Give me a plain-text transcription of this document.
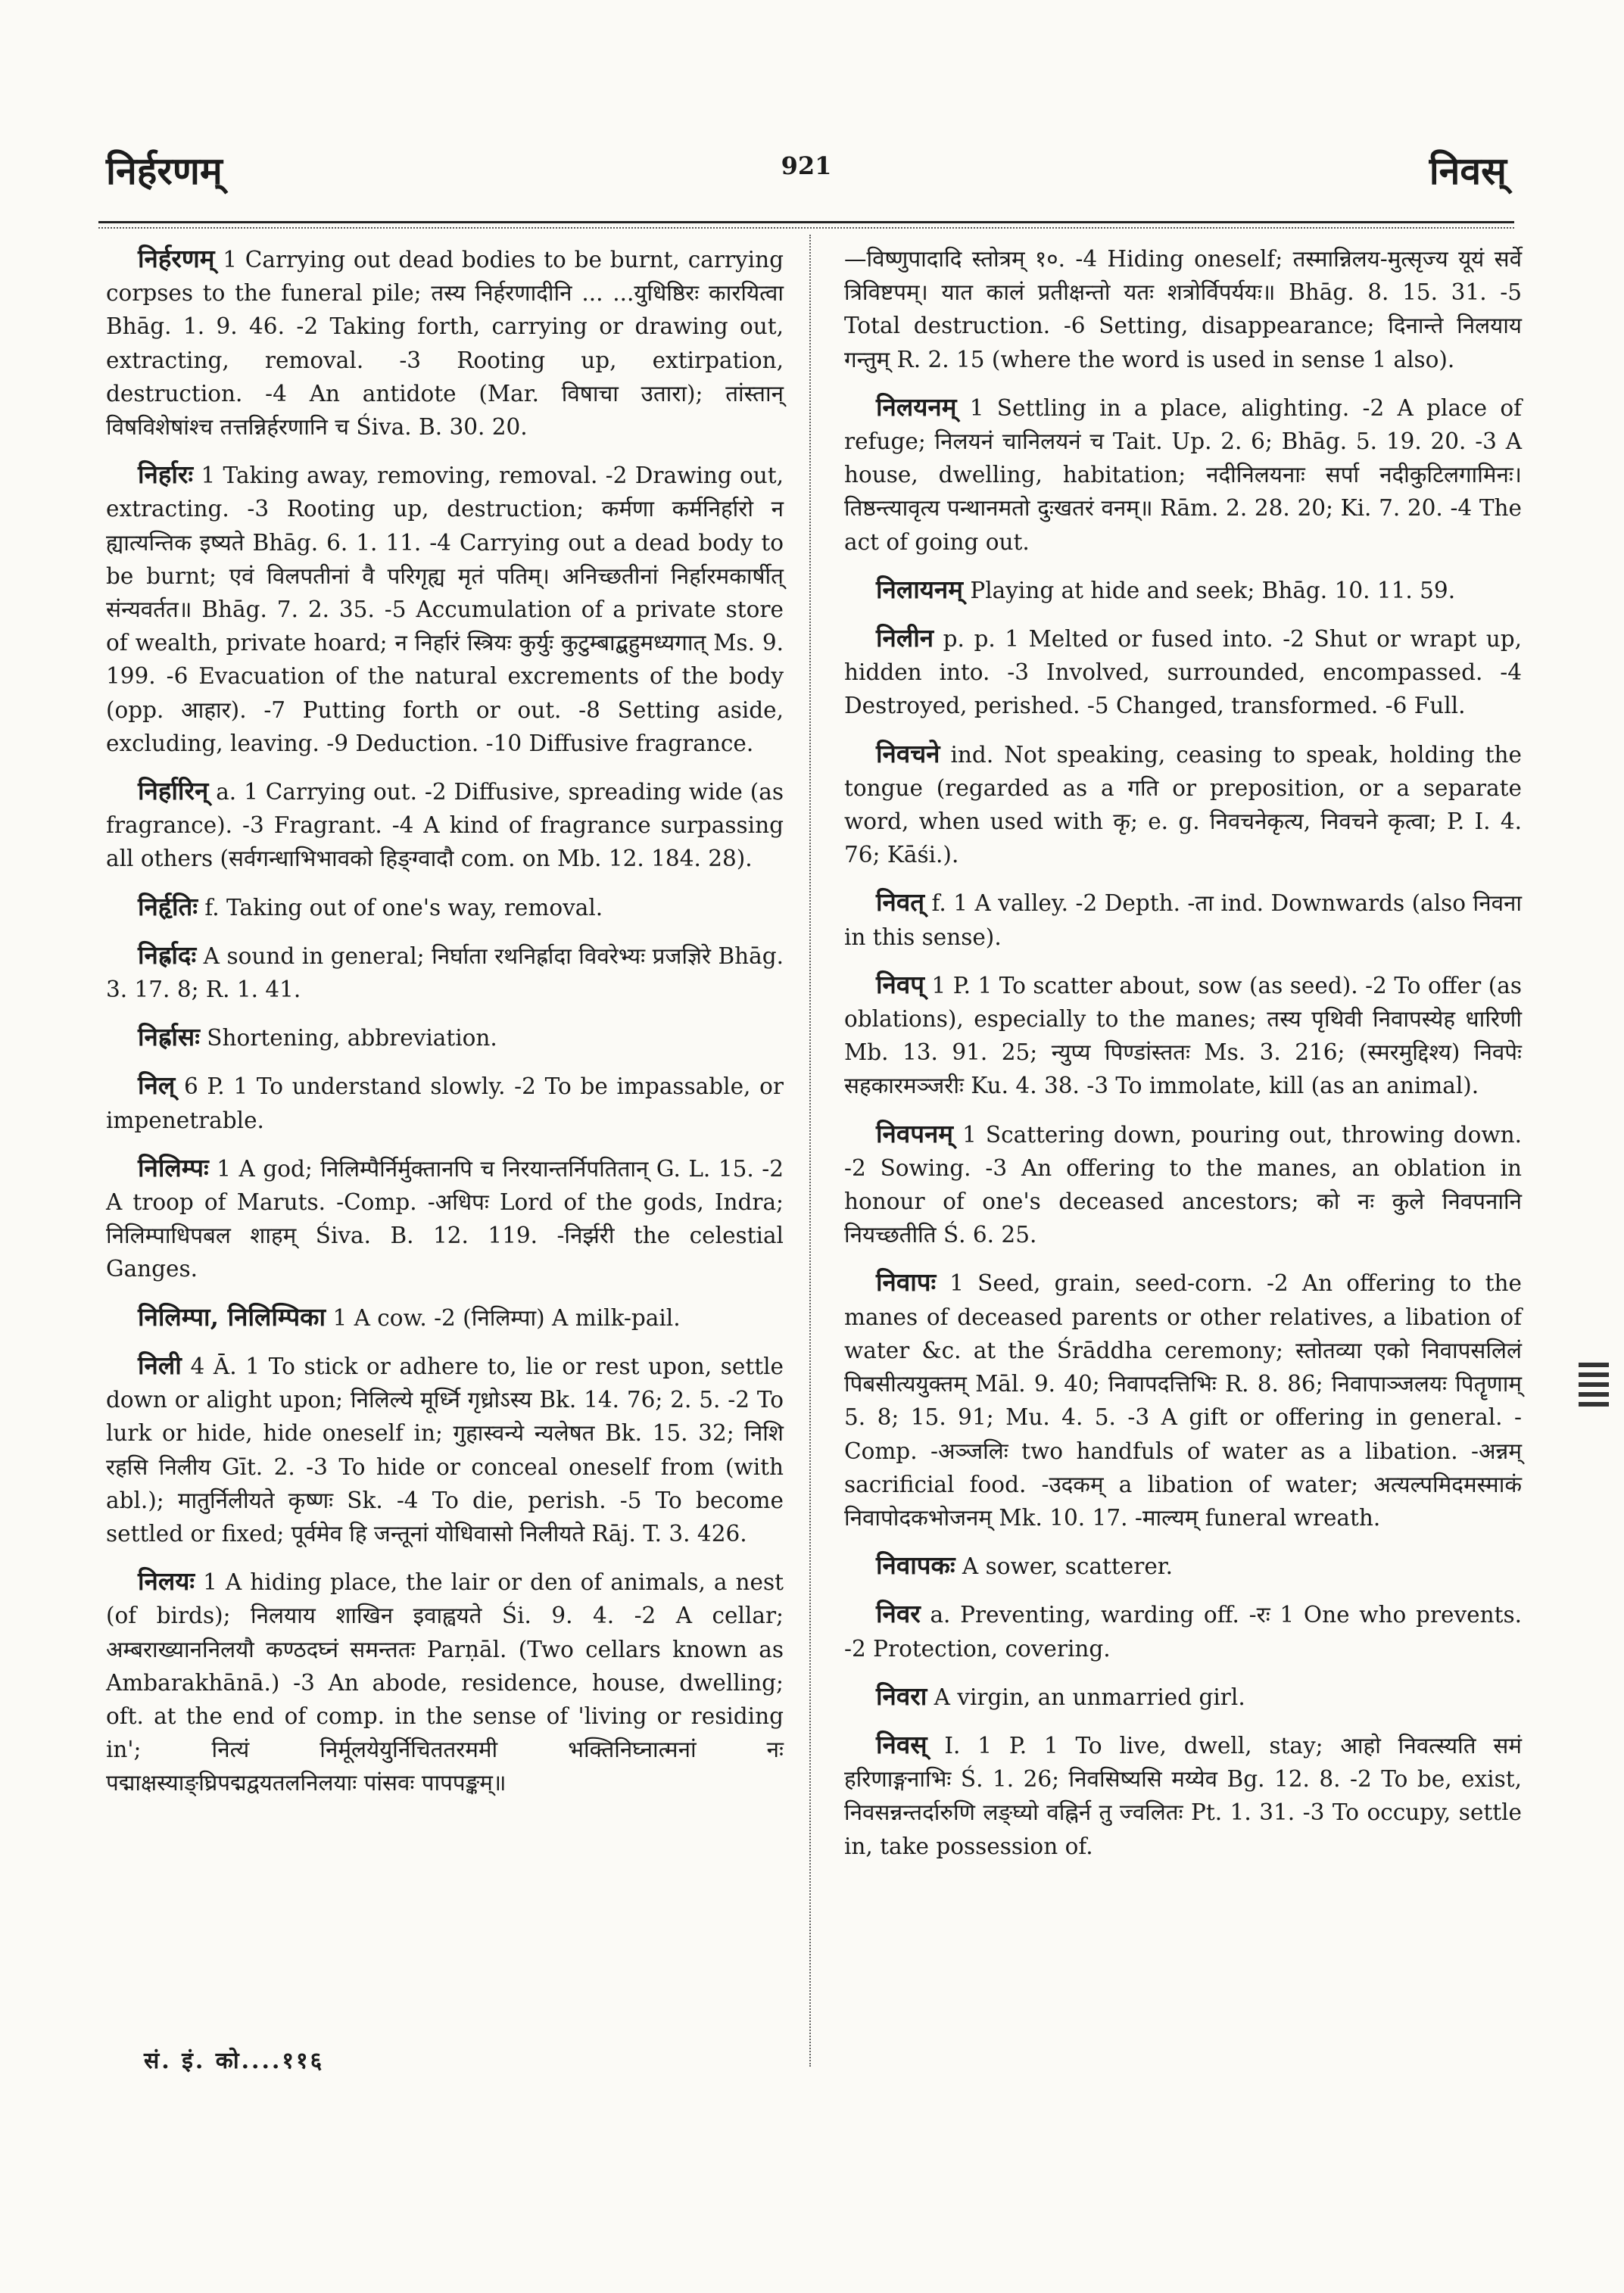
निर्हरणम्	921	निवस्

निर्हरणम् 1 Carrying out dead bodies to be burnt, carrying corpses to the funeral pile; तस्य निर्हरणादीनि ... ...युधिष्ठिरः कारयित्वा Bhāg. 1. 9. 46. -2 Taking forth, carrying or drawing out, extracting, removal. -3 Rooting up, extirpation, destruction. -4 An antidote (Mar. विषाचा उतारा); तांस्तान् विषविशेषांश्च तत्तन्निर्हरणानि च Śiva. B. 30. 20.

निर्हारः 1 Taking away, removing, removal. -2 Drawing out, extracting. -3 Rooting up, destruction; कर्मणा कर्मनिर्हारो न ह्यात्यन्तिक इष्यते Bhāg. 6. 1. 11. -4 Carrying out a dead body to be burnt; एवं विलपतीनां वै परिगृह्य मृतं पतिम्। अनिच्छतीनां निर्हारमकार्षीत् संन्यवर्तत॥ Bhāg. 7. 2. 35. -5 Accumulation of a private store of wealth, private hoard; न निर्हारं स्त्रियः कुर्युः कुटुम्बाद्बहुमध्यगात् Ms. 9. 199. -6 Evacuation of the natural excrements of the body (opp. आहार). -7 Putting forth or out. -8 Setting aside, excluding, leaving. -9 Deduction. -10 Diffusive fragrance.

निर्हारिन् a. 1 Carrying out. -2 Diffusive, spreading wide (as fragrance). -3 Fragrant. -4 A kind of fragrance surpassing all others (सर्वगन्धाभिभावको हिङ्ग्वादौ com. on Mb. 12. 184. 28).

निर्हृतिः f. Taking out of one's way, removal.

निर्ह्रादः A sound in general; निर्घाता रथनिर्ह्रादा विवरेभ्यः प्रजज्ञिरे Bhāg. 3. 17. 8; R. 1. 41.

निर्ह्रासः Shortening, abbreviation.

निल् 6 P. 1 To understand slowly. -2 To be impassable, or impenetrable.

निलिम्पः 1 A god; निलिम्पैर्निर्मुक्तानपि च निरयान्तर्निपतितान् G. L. 15. -2 A troop of Maruts. -Comp. -अधिपः Lord of the gods, Indra; निलिम्पाधिपबल शाहम् Śiva. B. 12. 119. -निर्झरी the celestial Ganges.

निलिम्पा, निलिम्पिका 1 A cow. -2 (निलिम्पा) A milk-pail.

निली 4 Ā. 1 To stick or adhere to, lie or rest upon, settle down or alight upon; निलिल्ये मूर्ध्नि गृध्रोऽस्य Bk. 14. 76; 2. 5. -2 To lurk or hide, hide oneself in; गुहास्वन्ये न्यलेषत Bk. 15. 32; निशि रहसि निलीय Gīt. 2. -3 To hide or conceal oneself from (with abl.); मातुर्निलीयते कृष्णः Sk. -4 To die, perish. -5 To become settled or fixed; पूर्वमेव हि जन्तूनां योधिवासो निलीयते Rāj. T. 3. 426.

निलयः 1 A hiding place, the lair or den of animals, a nest (of birds); निलयाय शाखिन इवाह्वयते Śi. 9. 4. -2 A cellar; अम्बराख्याननिलयौ कण्ठदघ्नं समन्ततः Parṇāl. (Two cellars known as Ambarakhānā.) -3 An abode, residence, house, dwelling; oft. at the end of comp. in the sense of 'living or residing in'; नित्यं निर्मूलयेयुर्निचिततरममी भक्तिनिघ्नात्मनां नः पद्माक्षस्याङ्घ्रिपद्मद्वयतलनिलयाः पांसवः पापपङ्कम्॥

—विष्णुपादादि स्तोत्रम् १०. -4 Hiding oneself; तस्मान्निलय-मुत्सृज्य यूयं सर्वे त्रिविष्टपम्। यात कालं प्रतीक्षन्तो यतः शत्रोर्विपर्ययः॥ Bhāg. 8. 15. 31. -5 Total destruction. -6 Setting, disappearance; दिनान्ते निलयाय गन्तुम् R. 2. 15 (where the word is used in sense 1 also).

निलयनम् 1 Settling in a place, alighting. -2 A place of refuge; निलयनं चानिलयनं च Tait. Up. 2. 6; Bhāg. 5. 19. 20. -3 A house, dwelling, habitation; नदीनिलयनाः सर्पा नदीकुटिलगामिनः। तिष्ठन्त्यावृत्य पन्थानमतो दुःखतरं वनम्॥ Rām. 2. 28. 20; Ki. 7. 20. -4 The act of going out.

निलायनम् Playing at hide and seek; Bhāg. 10. 11. 59.

निलीन p. p. 1 Melted or fused into. -2 Shut or wrapt up, hidden into. -3 Involved, surrounded, encompassed. -4 Destroyed, perished. -5 Changed, transformed. -6 Full.

निवचने ind. Not speaking, ceasing to speak, holding the tongue (regarded as a गति or preposition, or a separate word, when used with कृ; e. g. निवचनेकृत्य, निवचने कृत्वा; P. I. 4. 76; Kāśi.).

निवत् f. 1 A valley. -2 Depth. -ता ind. Downwards (also निवना in this sense).

निवप् 1 P. 1 To scatter about, sow (as seed). -2 To offer (as oblations), especially to the manes; तस्य पृथिवी निवापस्येह धारिणी Mb. 13. 91. 25; न्युप्य पिण्डांस्ततः Ms. 3. 216; (स्मरमुद्दिश्य) निवपेः सहकारमञ्जरीः Ku. 4. 38. -3 To immolate, kill (as an animal).

निवपनम् 1 Scattering down, pouring out, throwing down. -2 Sowing. -3 An offering to the manes, an oblation in honour of one's deceased ancestors; को नः कुले निवपनानि नियच्छतीति Ś. 6. 25.

निवापः 1 Seed, grain, seed-corn. -2 An offering to the manes of deceased parents or other relatives, a libation of water &c. at the Śrāddha ceremony; स्तोतव्या एको निवापसलिलं पिबसीत्ययुक्तम् Māl. 9. 40; निवापदत्तिभिः R. 8. 86; निवापाञ्जलयः पितॄणाम् 5. 8; 15. 91; Mu. 4. 5. -3 A gift or offering in general. -Comp. -अञ्जलिः two handfuls of water as a libation. -अन्नम् sacrificial food. -उदकम् a libation of water; अत्यल्पमिदमस्माकं निवापोदकभोजनम् Mk. 10. 17. -माल्यम् funeral wreath.

निवापकः A sower, scatterer.

निवर a. Preventing, warding off. -रः 1 One who prevents. -2 Protection, covering.

निवरा A virgin, an unmarried girl.

निवस् I. 1 P. 1 To live, dwell, stay; आहो निवत्स्यति समं हरिणाङ्गनाभिः Ś. 1. 26; निवसिष्यसि मय्येव Bg. 12. 8. -2 To be, exist, निवसन्नन्तर्दारुणि लङ्घ्यो वह्निर्न तु ज्वलितः Pt. 1. 31. -3 To occupy, settle in, take possession of.

सं. इं. को....११६
